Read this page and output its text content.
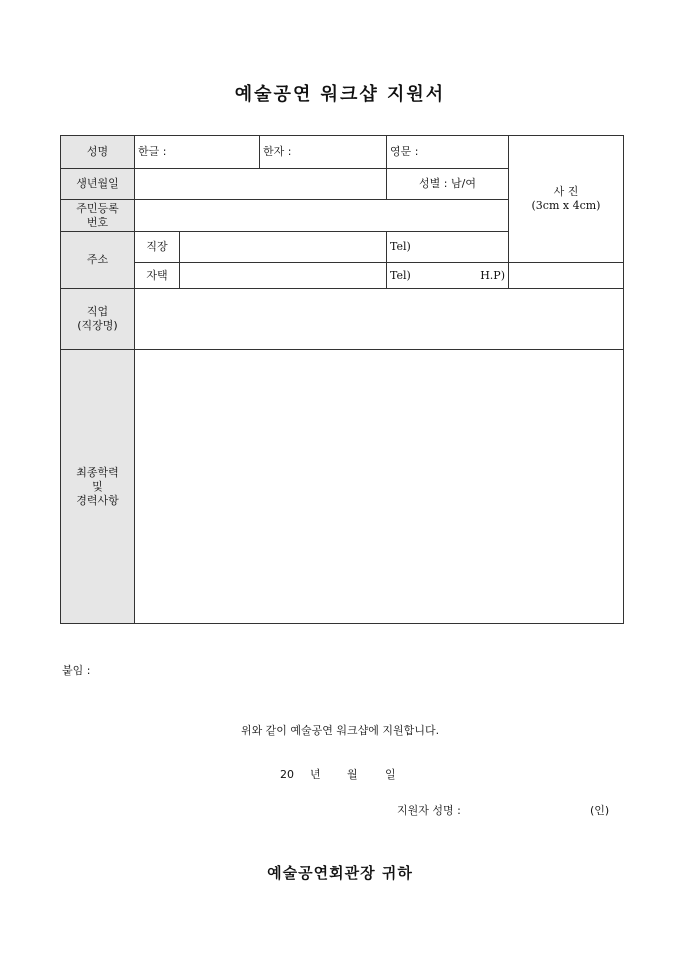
예술공연 워크샵 지원서
성명	한글 :		한자 :	영문 :	사 진
(3cm x 4cm)

생년월일				성별 : 남/여	

주민등록
번호					

주소	직장			Tel)	
	자택			Tel) H.P)	

직업
(직장명)					

최종학력
및
경력사항					

붙임 :
위와 같이 예술공연 워크샵에 지원합니다.
20 년 월 일
지원자 성명 :	(인)
예술공연회관장 귀하
